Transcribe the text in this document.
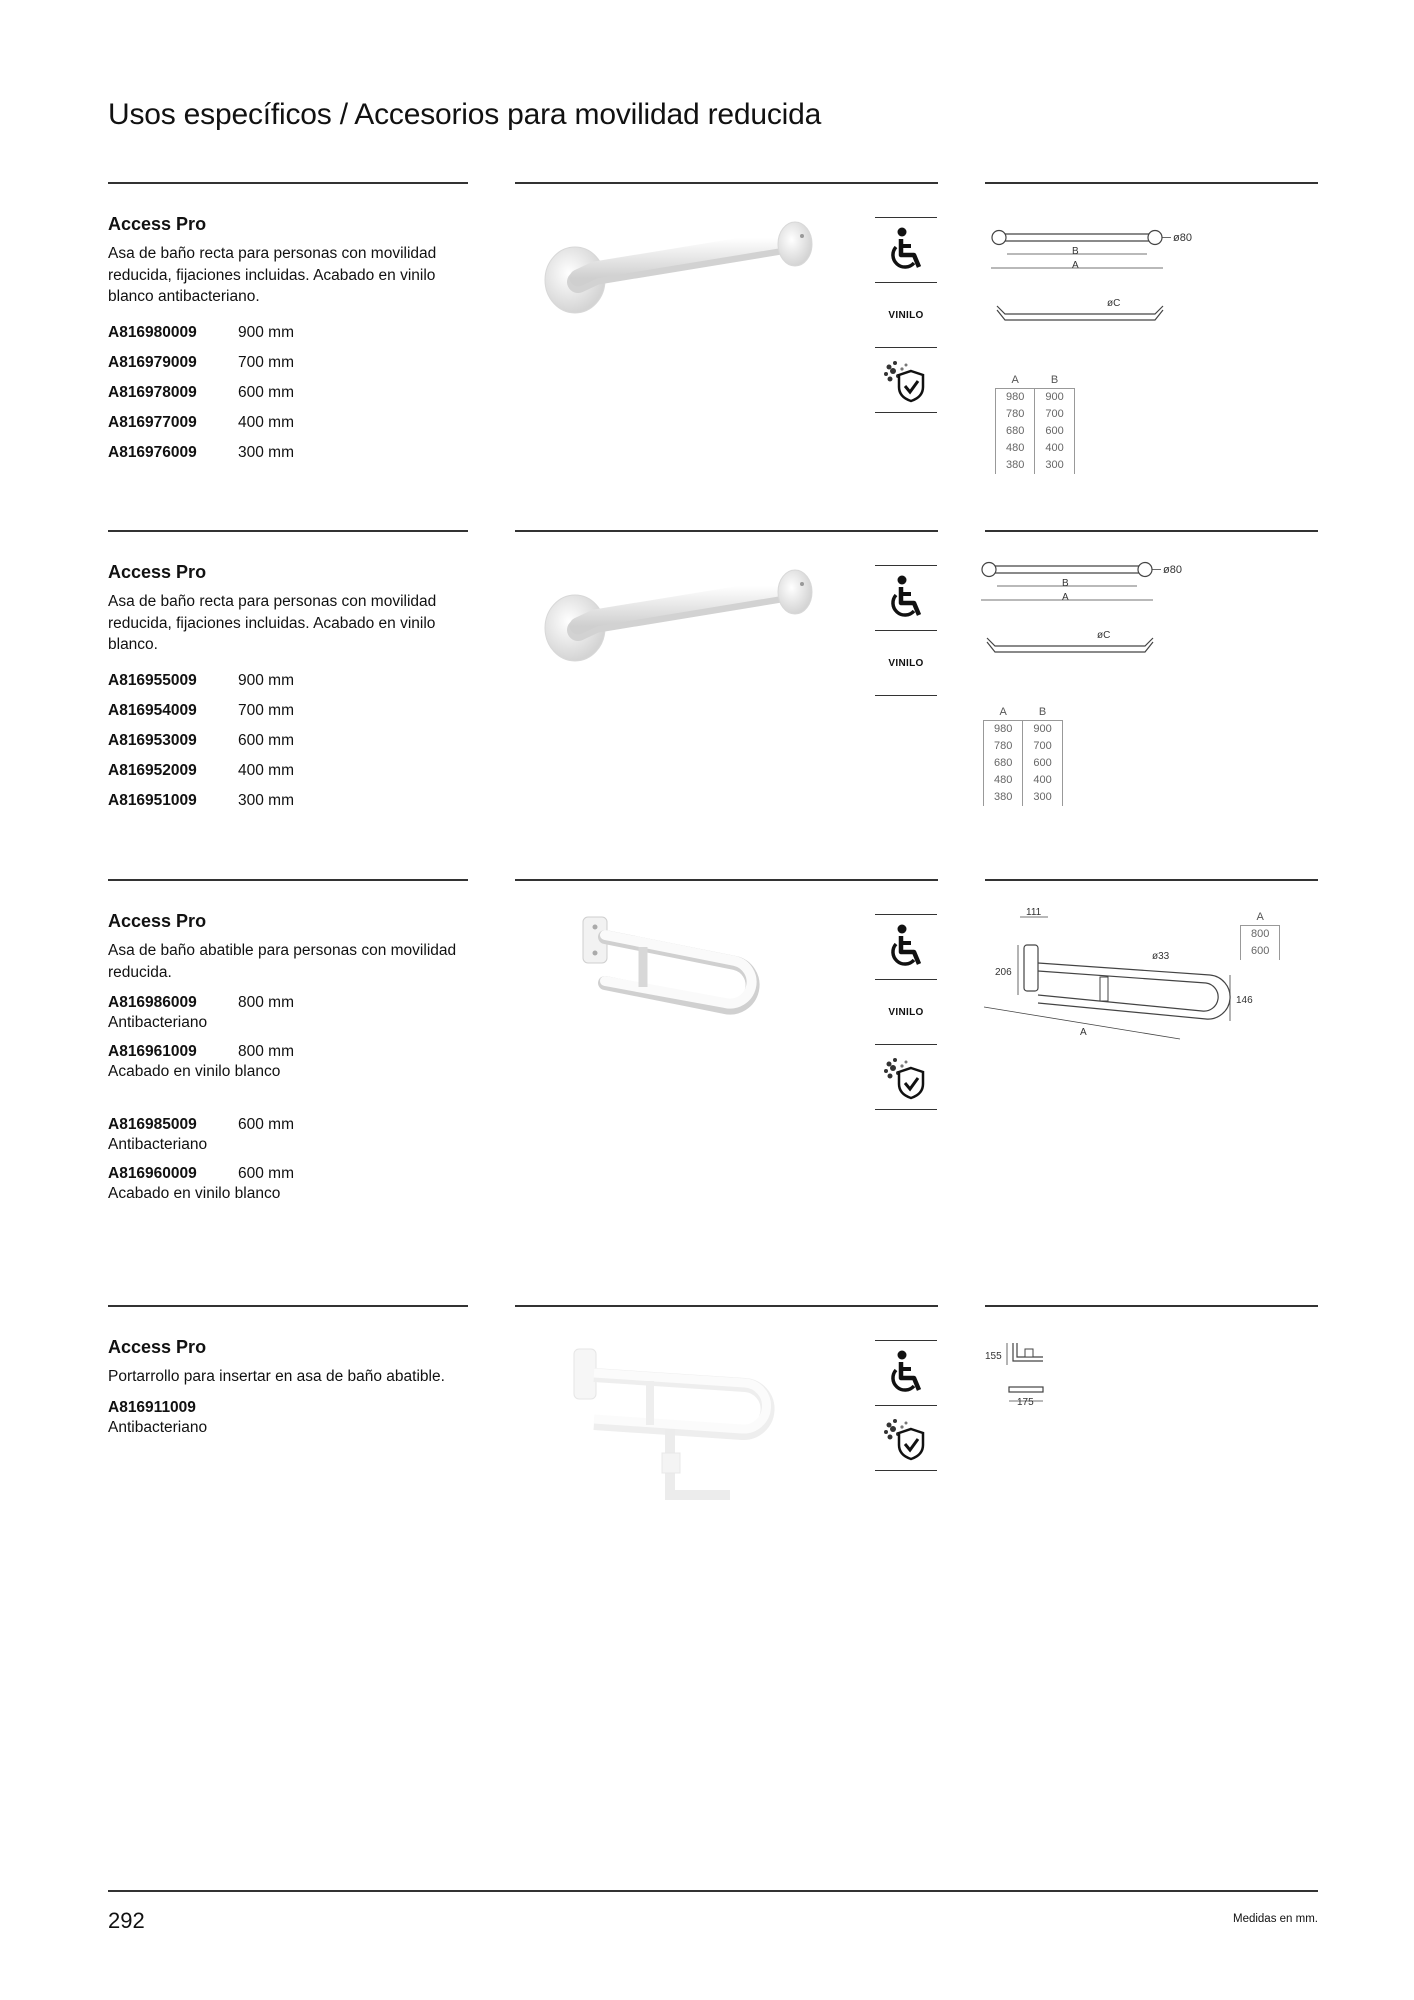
Usos específicos / Accesorios para movilidad reducida

Access Pro

Asa de baño recta para personas con movilidad reducida, fijaciones incluidas. Acabado en vinilo blanco antibacteriano.

A816980009	900 mm
A816979009	700 mm
A816978009	600 mm
A816977009	400 mm
A816976009	300 mm
VINILO
ø80
B
A
øC
A	B
980	900
780	700
680	600
480	400
380	300

Access Pro

Asa de baño recta para personas con movilidad reducida, fijaciones incluidas. Acabado en vinilo blanco.

A816955009	900 mm
A816954009	700 mm
A816953009	600 mm
A816952009	400 mm
A816951009	300 mm
VINILO
ø80
B
A
øC
A	B
980	900
780	700
680	600
480	400
380	300

Access Pro

Asa de baño abatible para personas con movilidad reducida.

A816986009	800 mm
Antibacteriano
A816961009	800 mm
Acabado en vinilo blanco
A816985009	600 mm
Antibacteriano
A816960009	600 mm
Acabado en vinilo blanco
VINILO
111
206
ø33
146
A
A
800
600

Access Pro

Portarrollo para insertar en asa de baño abatible.

A816911009
Antibacteriano
155
175

292	Medidas en mm.
